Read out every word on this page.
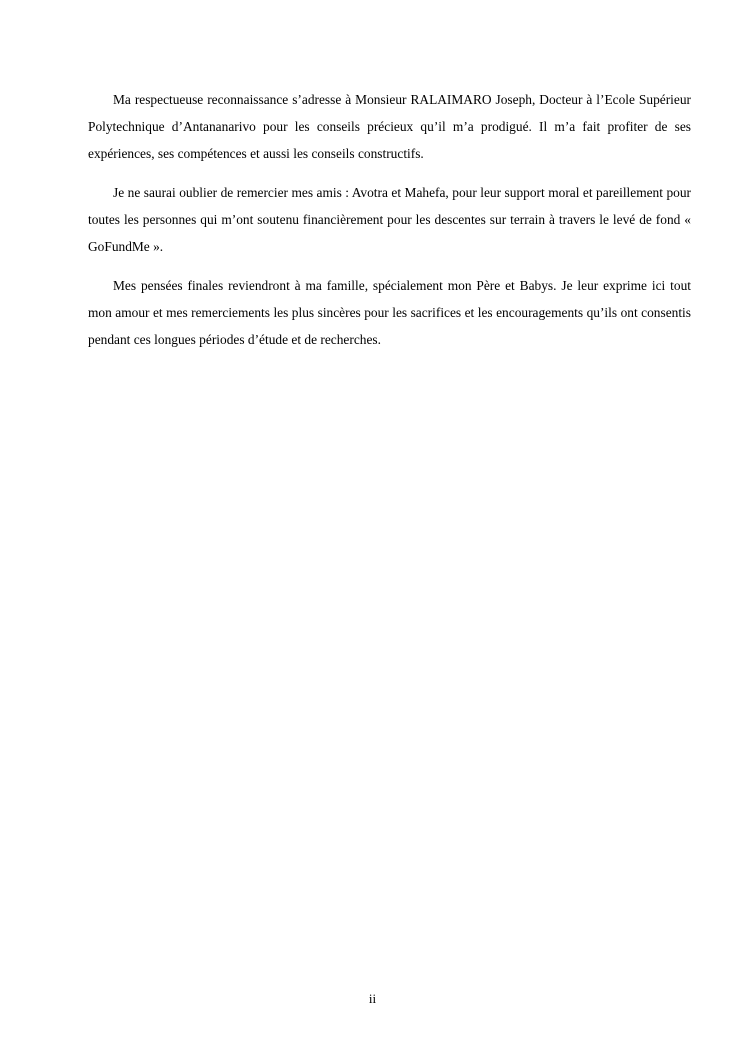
Ma respectueuse reconnaissance s’adresse à Monsieur RALAIMARO Joseph, Docteur à l’Ecole Supérieur Polytechnique d’Antananarivo pour les conseils précieux qu’il m’a prodigué. Il m’a fait profiter de ses expériences, ses compétences et aussi les conseils constructifs.

Je ne saurai oublier de remercier mes amis : Avotra et Mahefa, pour leur support moral et pareillement pour toutes les personnes qui m’ont soutenu financièrement pour les descentes sur terrain à travers le levé de fond « GoFundMe ».

Mes pensées finales reviendront à ma famille, spécialement mon Père et Babys. Je leur exprime ici tout mon amour et mes remerciements les plus sincères pour les sacrifices et les encouragements qu’ils ont consentis pendant ces longues périodes d’étude et de recherches.

ii
